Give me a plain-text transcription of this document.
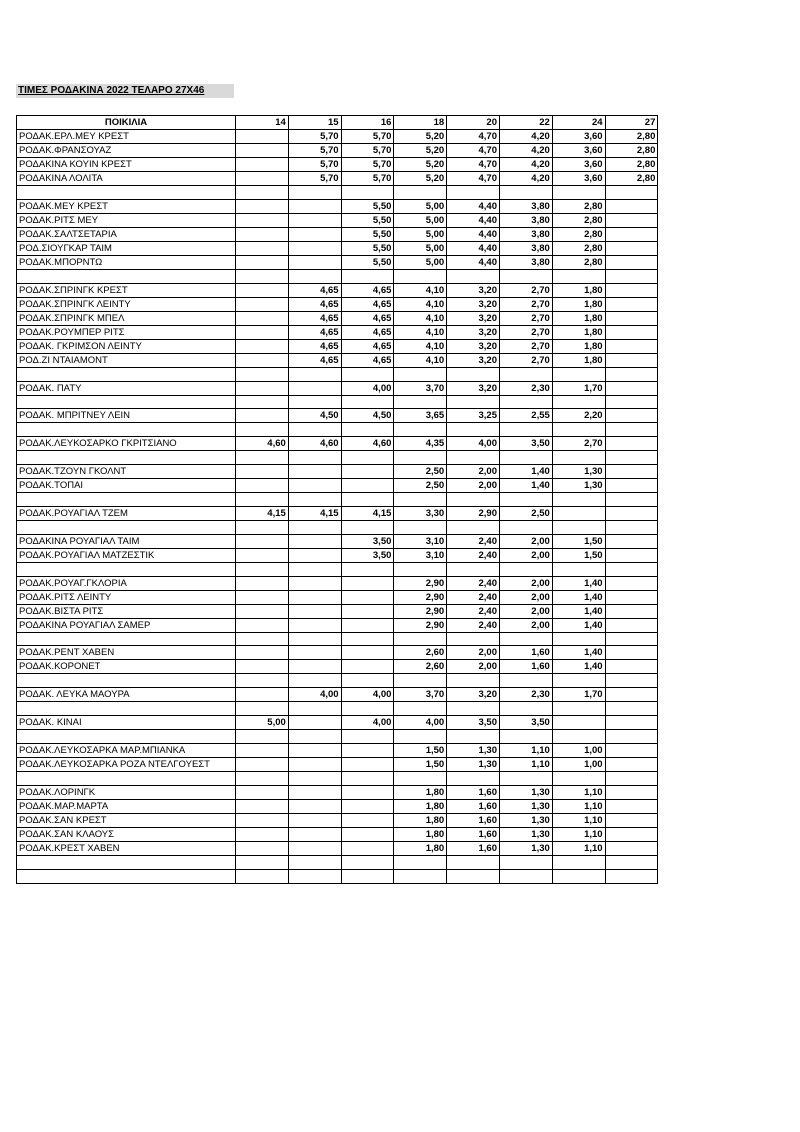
ΤΙΜΕΣ ΡΟΔΑΚΙΝΑ 2022 ΤΕΛΑΡΟ 27Χ46
ΠΟΙΚΙΛΙΑ	14	15	16	18	20	22	24	27
ΡΟΔΑΚ.ΕΡΛ.ΜΕΥ ΚΡΕΣΤ		5,70	5,70	5,20	4,70	4,20	3,60	2,80
ΡΟΔΑΚ.ΦΡΑΝΣΟΥΑΖ		5,70	5,70	5,20	4,70	4,20	3,60	2,80
ΡΟΔΑΚΙΝΑ ΚΟΥΙΝ ΚΡΕΣΤ		5,70	5,70	5,20	4,70	4,20	3,60	2,80
ΡΟΔΑΚΙΝΑ ΛΟΛΙΤΑ		5,70	5,70	5,20	4,70	4,20	3,60	2,80

ΡΟΔΑΚ.ΜΕΥ ΚΡΕΣΤ			5,50	5,00	4,40	3,80	2,80	
ΡΟΔΑΚ.ΡΙΤΣ ΜΕΥ			5,50	5,00	4,40	3,80	2,80	
ΡΟΔΑΚ.ΣΑΛΤΣΕΤΑΡΙΑ			5,50	5,00	4,40	3,80	2,80	
ΡΟΔ.ΣΙΟΥΓΚΑΡ ΤΑΙΜ			5,50	5,00	4,40	3,80	2,80	
ΡΟΔΑΚ.ΜΠΟΡΝΤΩ			5,50	5,00	4,40	3,80	2,80	

ΡΟΔΑΚ.ΣΠΡΙΝΓΚ ΚΡΕΣΤ		4,65	4,65	4,10	3,20	2,70	1,80	
ΡΟΔΑΚ.ΣΠΡΙΝΓΚ ΛΕΙΝΤΥ		4,65	4,65	4,10	3,20	2,70	1,80	
ΡΟΔΑΚ.ΣΠΡΙΝΓΚ ΜΠΕΛ		4,65	4,65	4,10	3,20	2,70	1,80	
ΡΟΔΑΚ.ΡΟΥΜΠΕΡ ΡΙΤΣ		4,65	4,65	4,10	3,20	2,70	1,80	
ΡΟΔΑΚ. ΓΚΡΙΜΣΟΝ ΛΕΙΝΤΥ		4,65	4,65	4,10	3,20	2,70	1,80	
ΡΟΔ.ΖΙ ΝΤΑΙΑΜΟΝΤ		4,65	4,65	4,10	3,20	2,70	1,80	

ΡΟΔΑΚ. ΠΑΤΥ			4,00	3,70	3,20	2,30	1,70	

ΡΟΔΑΚ. ΜΠΡΙΤΝΕΥ ΛΕΙΝ		4,50	4,50	3,65	3,25	2,55	2,20	

ΡΟΔΑΚ.ΛΕΥΚΟΣΑΡΚΟ ΓΚΡΙΤΣΙΑΝΟ	4,60	4,60	4,60	4,35	4,00	3,50	2,70	

ΡΟΔΑΚ.ΤΖΟΥΝ ΓΚΟΛΝΤ				2,50	2,00	1,40	1,30	
ΡΟΔΑΚ.ΤΟΠΑΙ				2,50	2,00	1,40	1,30	

ΡΟΔΑΚ.ΡΟΥΑΓΙΑΛ ΤΖΕΜ	4,15	4,15	4,15	3,30	2,90	2,50		

ΡΟΔΑΚΙΝΑ ΡΟΥΑΓΙΑΛ ΤΑΙΜ			3,50	3,10	2,40	2,00	1,50	
ΡΟΔΑΚ.ΡΟΥΑΓΙΑΛ ΜΑΤΖΕΣΤΙΚ			3,50	3,10	2,40	2,00	1,50	

ΡΟΔΑΚ.ΡΟΥΑΓ.ΓΚΛΟΡΙΑ				2,90	2,40	2,00	1,40	
ΡΟΔΑΚ.ΡΙΤΣ ΛΕΙΝΤΥ				2,90	2,40	2,00	1,40	
ΡΟΔΑΚ.ΒΙΣΤΑ ΡΙΤΣ				2,90	2,40	2,00	1,40	
ΡΟΔΑΚΙΝΑ ΡΟΥΑΓΙΑΛ ΣΑΜΕΡ				2,90	2,40	2,00	1,40	

ΡΟΔΑΚ.ΡΕΝΤ ΧΑΒΕΝ				2,60	2,00	1,60	1,40	
ΡΟΔΑΚ.ΚΟΡΟΝΕΤ				2,60	2,00	1,60	1,40	

ΡΟΔΑΚ. ΛΕΥΚΑ ΜΑΟΥΡΑ		4,00	4,00	3,70	3,20	2,30	1,70	

ΡΟΔΑΚ. ΚΙΝΑΙ	5,00		4,00	4,00	3,50	3,50		

ΡΟΔΑΚ.ΛΕΥΚΟΣΑΡΚΑ ΜΑΡ.ΜΠΙΑΝΚΑ				1,50	1,30	1,10	1,00	
ΡΟΔΑΚ.ΛΕΥΚΟΣΑΡΚΑ ΡΟΖΑ ΝΤΕΛΓΟΥΕΣΤ				1,50	1,30	1,10	1,00	

ΡΟΔΑΚ.ΛΟΡΙΝΓΚ				1,80	1,60	1,30	1,10	
ΡΟΔΑΚ.ΜΑΡ.ΜΑΡΤΑ				1,80	1,60	1,30	1,10	
ΡΟΔΑΚ.ΣΑΝ ΚΡΕΣΤ				1,80	1,60	1,30	1,10	
ΡΟΔΑΚ.ΣΑΝ ΚΛΑΟΥΣ				1,80	1,60	1,30	1,10	
ΡΟΔΑΚ.ΚΡΕΣΤ ΧΑΒΕΝ				1,80	1,60	1,30	1,10	
